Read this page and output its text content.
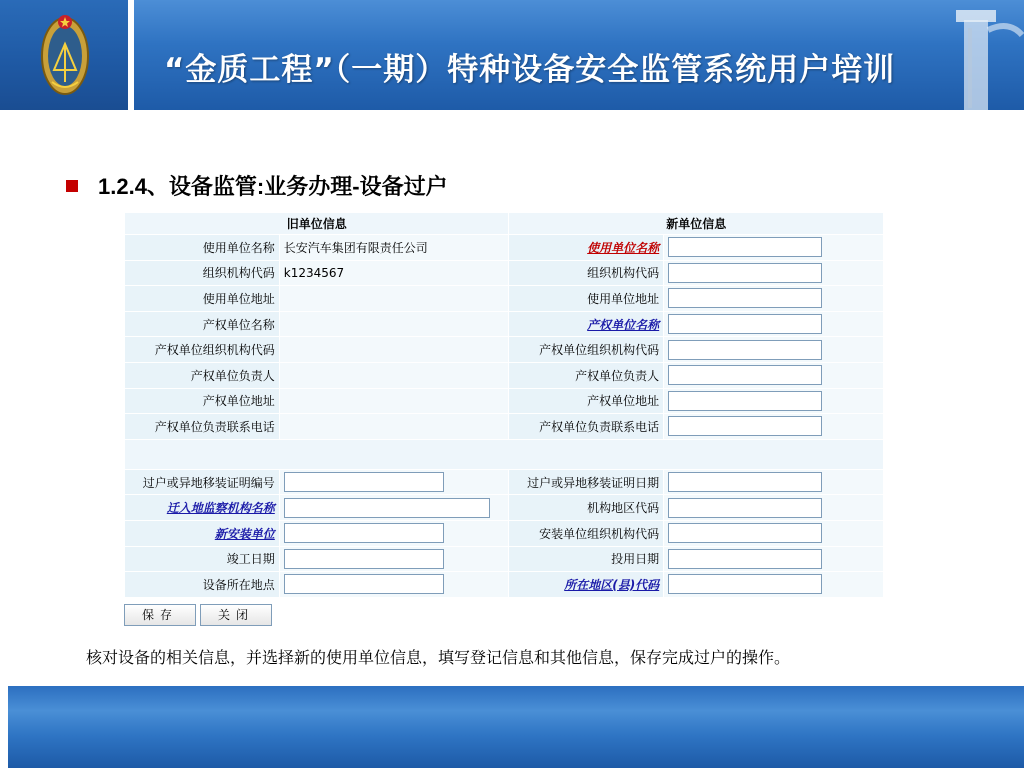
“金质工程”（一期）特种设备安全监管系统用户培训
1.2.4、设备监管:业务办理-设备过户
旧单位信息		新单位信息	
使用单位名称	长安汽车集团有限责任公司	使用单位名称	
组织机构代码	k1234567	组织机构代码	
使用单位地址		使用单位地址	
产权单位名称		产权单位名称	
产权单位组织机构代码		产权单位组织机构代码	
产权单位负责人		产权单位负责人	
产权单位地址		产权单位地址	
产权单位负责联系电话		产权单位负责联系电话	

过户或异地移装证明编号		过户或异地移装证明日期	
迁入地监察机构名称		机构地区代码	
新安装单位		安装单位组织机构代码	
竣工日期		投用日期	
设备所在地点		所在地区(县)代码	
保存	关闭
核对设备的相关信息，并选择新的使用单位信息，填写登记信息和其他信息，保存完成过户的操作。
